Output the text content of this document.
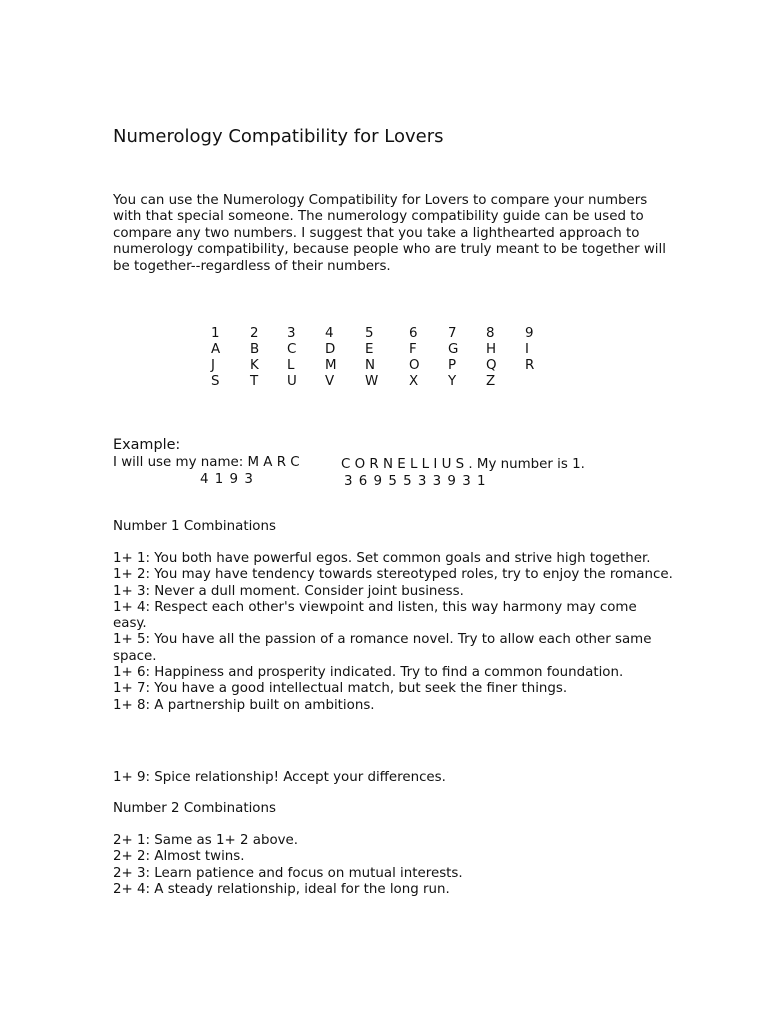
Numerology Compatibility for Lovers

You can use the Numerology Compatibility for Lovers to compare your numbers with that special someone. The numerology compatibility guide can be used to compare any two numbers. I suggest that you take a lighthearted approach to numerology compatibility, because people who are truly meant to be together will be together--regardless of their numbers.

1
A
J
S
2
B
K
T
3
C
L
U
4
D
M
V
5
E
N
W
6
F
O
X
7
G
P
Y
8
H
Q
Z
9
I
R
Example:
I will use my name: M A R C
4 1 9 3
C O R N E L L I U S . My number is 1.
3 6 9 5 5 3 3 9 3 1
Number 1 Combinations
1+ 1: You both have powerful egos. Set common goals and strive high together.
1+ 2: You may have tendency towards stereotyped roles, try to enjoy the romance.
1+ 3: Never a dull moment. Consider joint business.
1+ 4: Respect each other's viewpoint and listen, this way harmony may come easy.
1+ 5: You have all the passion of a romance novel. Try to allow each other same space.
1+ 6: Happiness and prosperity indicated. Try to find a common foundation.
1+ 7: You have a good intellectual match, but seek the finer things.
1+ 8: A partnership built on ambitions.
1+ 9: Spice relationship! Accept your differences.
Number 2 Combinations
2+ 1: Same as 1+ 2 above.
2+ 2: Almost twins.
2+ 3: Learn patience and focus on mutual interests.
2+ 4: A steady relationship, ideal for the long run.
